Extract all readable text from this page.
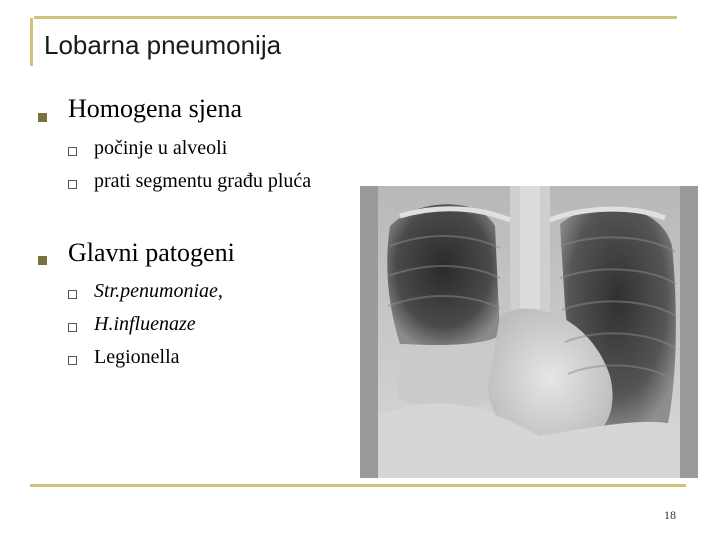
Lobarna pneumonija
Homogena sjena
počinje u alveoli
prati segmentu građu pluća
Glavni patogeni
Str.penumoniae,
H.influenaze
Legionella
18
